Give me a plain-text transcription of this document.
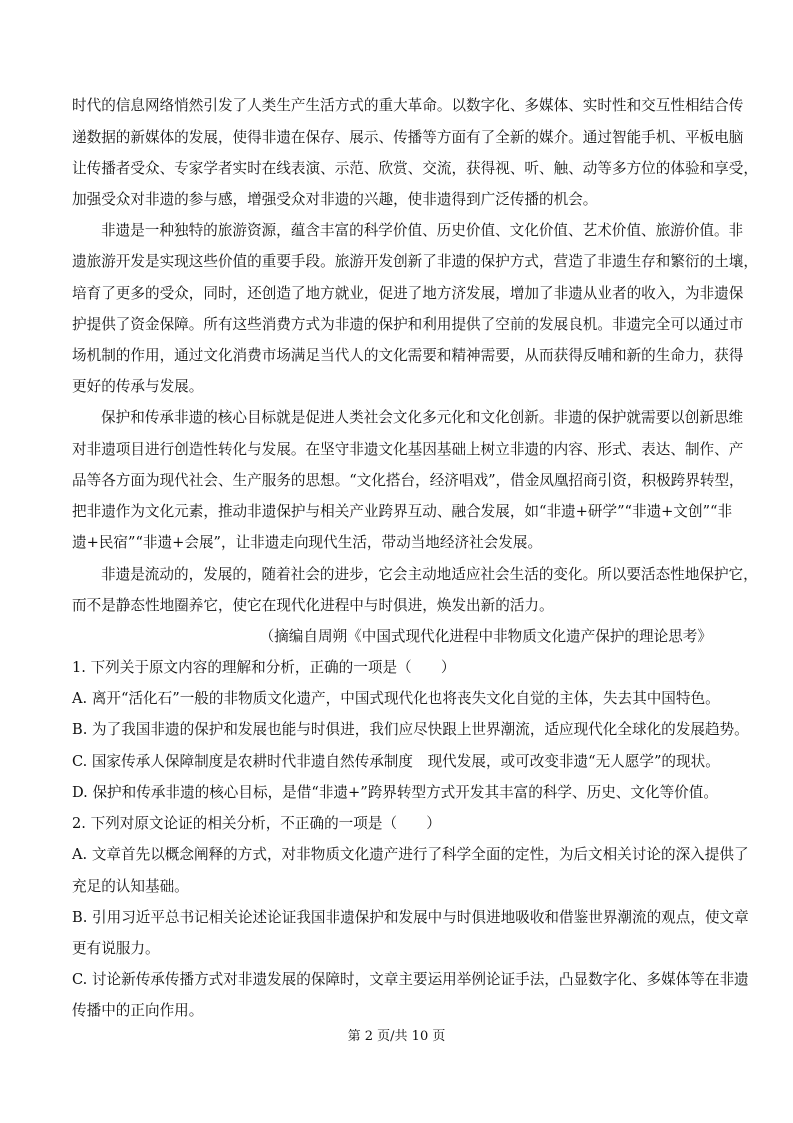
时代的信息网络悄然引发了人类生产生活方式的重大革命。以数字化、多媒体、实时性和交互性相结合传
递数据的新媒体的发展，使得非遗在保存、展示、传播等方面有了全新的媒介。通过智能手机、平板电脑
让传播者受众、专家学者实时在线表演、示范、欣赏、交流，获得视、听、触、动等多方位的体验和享受，
加强受众对非遗的参与感，增强受众对非遗的兴趣，使非遗得到广泛传播的机会。
非遗是一种独特的旅游资源，蕴含丰富的科学价值、历史价值、文化价值、艺术价值、旅游价值。非
遗旅游开发是实现这些价值的重要手段。旅游开发创新了非遗的保护方式，营造了非遗生存和繁衍的土壤，
培育了更多的受众，同时，还创造了地方就业，促进了地方济发展，增加了非遗从业者的收入，为非遗保
护提供了资金保障。所有这些消费方式为非遗的保护和利用提供了空前的发展良机。非遗完全可以通过市
场机制的作用，通过文化消费市场满足当代人的文化需要和精神需要，从而获得反哺和新的生命力，获得
更好的传承与发展。
保护和传承非遗的核心目标就是促进人类社会文化多元化和文化创新。非遗的保护就需要以创新思维
对非遗项目进行创造性转化与发展。在坚守非遗文化基因基础上树立非遗的内容、形式、表达、制作、产
品等各方面为现代社会、生产服务的思想。“文化搭台，经济唱戏”，借金凤凰招商引资，积极跨界转型，
把非遗作为文化元素，推动非遗保护与相关产业跨界互动、融合发展，如“非遗+研学”“非遗+文创”“非
遗+民宿”“非遗+会展”，让非遗走向现代生活，带动当地经济社会发展。
非遗是流动的，发展的，随着社会的进步，它会主动地适应社会生活的变化。所以要活态性地保护它，
而不是静态性地圈养它，使它在现代化进程中与时俱进，焕发出新的活力。
（摘编自周朔《中国式现代化进程中非物质文化遗产保护的理论思考》
1. 下列关于原文内容的理解和分析，正确的一项是（　　）
A. 离开“活化石”一般的非物质文化遗产，中国式现代化也将丧失文化自觉的主体，失去其中国特色。
B. 为了我国非遗的保护和发展也能与时俱进，我们应尽快跟上世界潮流，适应现代化全球化的发展趋势。
C. 国家传承人保障制度是农耕时代非遗自然传承制度　现代发展，或可改变非遗“无人愿学”的现状。
D. 保护和传承非遗的核心目标，是借“非遗+”跨界转型方式开发其丰富的科学、历史、文化等价值。
2. 下列对原文论证的相关分析，不正确的一项是（　　）
A. 文章首先以概念阐释的方式，对非物质文化遗产进行了科学全面的定性，为后文相关讨论的深入提供了
充足的认知基础。
B. 引用习近平总书记相关论述论证我国非遗保护和发展中与时俱进地吸收和借鉴世界潮流的观点，使文章
更有说服力。
C. 讨论新传承传播方式对非遗发展的保障时，文章主要运用举例论证手法，凸显数字化、多媒体等在非遗
传播中的正向作用。
第 2 页/共 10 页
